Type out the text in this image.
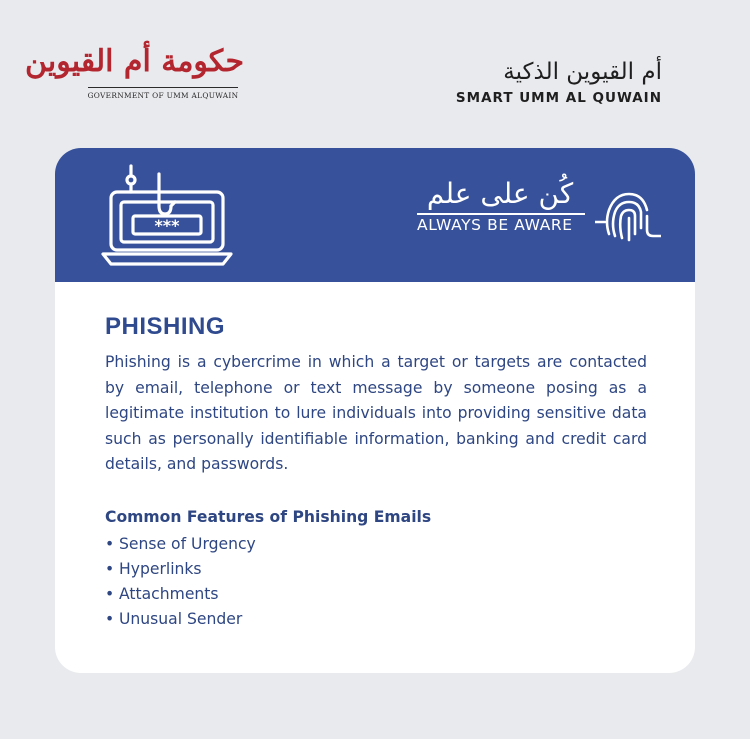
حكومة أم القيوين
GOVERNMENT OF UMM ALQUWAIN
أم القيوين الذكية
SMART UMM AL QUWAIN
***
كُن على علم
ALWAYS BE AWARE
PHISHING

Phishing is a cybercrime in which a target or targets are contacted by email, telephone or text message by someone posing as a legitimate institution to lure individuals into providing sensitive data such as personally identifiable information, banking and credit card details, and passwords.

Common Features of Phishing Emails
• Sense of Urgency
• Hyperlinks
• Attachments
• Unusual Sender
